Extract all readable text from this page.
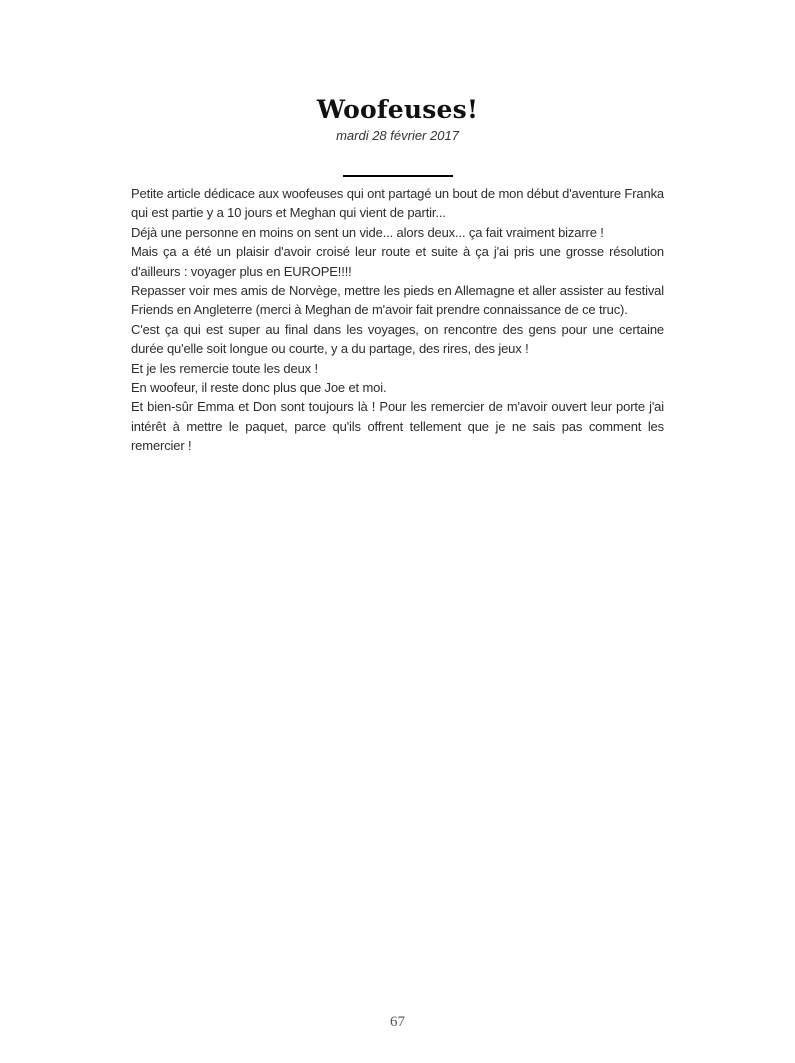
Woofeuses!
mardi 28 février 2017

Petite article dédicace aux woofeuses qui ont partagé un bout de mon début d'aventure Franka qui est partie y a 10 jours et Meghan qui vient de partir...

Déjà une personne en moins on sent un vide... alors deux... ça fait vraiment bizarre !

Mais ça a été un plaisir d'avoir croisé leur route et suite à ça j'ai pris une grosse résolution d'ailleurs : voyager plus en EUROPE!!!!

Repasser voir mes amis de Norvège, mettre les pieds en Allemagne et aller assister au festival Friends en Angleterre (merci à Meghan de m'avoir fait prendre connaissance de ce truc).

C'est ça qui est super au final dans les voyages, on rencontre des gens pour une certaine durée qu'elle soit longue ou courte, y a du partage, des rires, des jeux !

Et je les remercie toute les deux !

En woofeur, il reste donc plus que Joe et moi.

Et bien-sûr Emma et Don sont toujours là ! Pour les remercier de m'avoir ouvert leur porte j'ai intérêt à mettre le paquet, parce qu'ils offrent tellement que je ne sais pas comment les remercier !

67
